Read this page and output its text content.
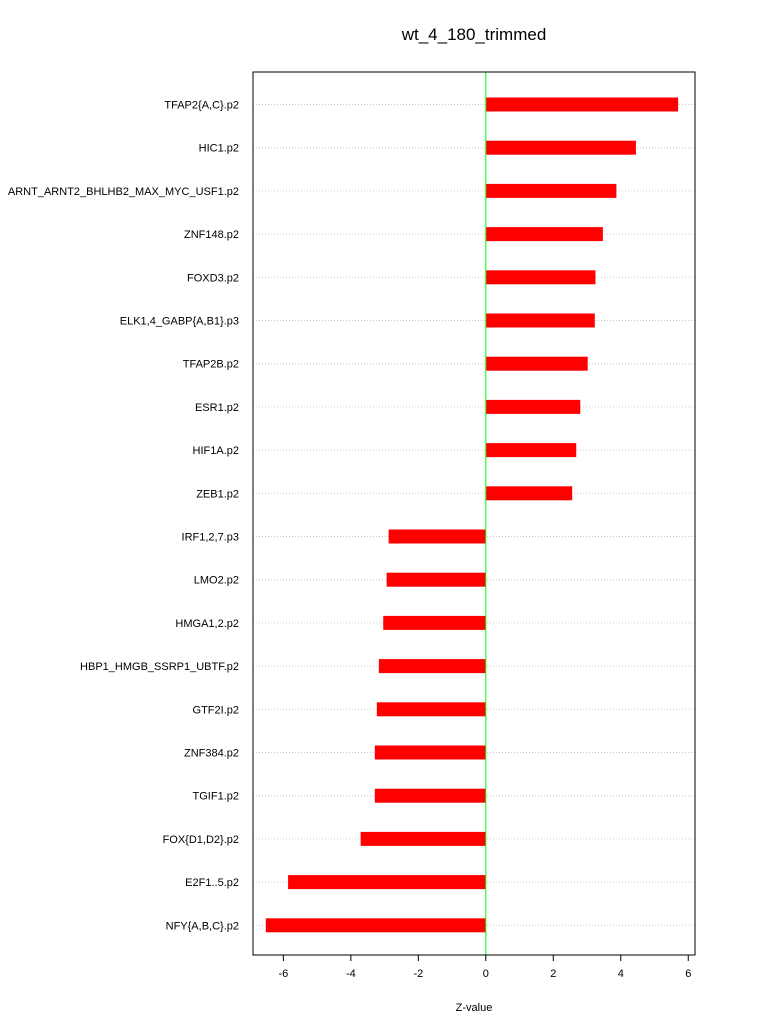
wt_4_180_trimmed
TFAP2{A,C}.p2
HIC1.p2
ARNT_ARNT2_BHLHB2_MAX_MYC_USF1.p2
ZNF148.p2
FOXD3.p2
ELK1,4_GABP{A,B1}.p3
TFAP2B.p2
ESR1.p2
HIF1A.p2
ZEB1.p2
IRF1,2,7.p3
LMO2.p2
HMGA1,2.p2
HBP1_HMGB_SSRP1_UBTF.p2
GTF2I.p2
ZNF384.p2
TGIF1.p2
FOX{D1,D2}.p2
E2F1..5.p2
NFY{A,B,C}.p2
-6	-4	-2	0	2	4	6
Z-value
